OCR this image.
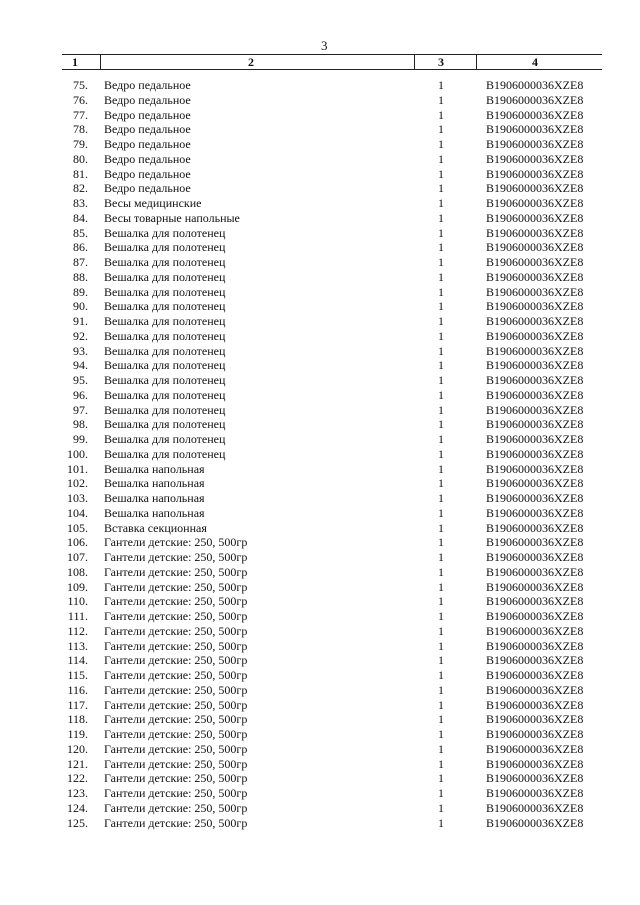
3
1	2	3	4
75. Ведро педальное	1	B1906000036XZE8
76. Ведро педальное	1	B1906000036XZE8
77. Ведро педальное	1	B1906000036XZE8
78. Ведро педальное	1	B1906000036XZE8
79. Ведро педальное	1	B1906000036XZE8
80. Ведро педальное	1	B1906000036XZE8
81. Ведро педальное	1	B1906000036XZE8
82. Ведро педальное	1	B1906000036XZE8
83. Весы медицинские	1	B1906000036XZE8
84. Весы товарные напольные	1	B1906000036XZE8
85. Вешалка для полотенец	1	B1906000036XZE8
86. Вешалка для полотенец	1	B1906000036XZE8
87. Вешалка для полотенец	1	B1906000036XZE8
88. Вешалка для полотенец	1	B1906000036XZE8
89. Вешалка для полотенец	1	B1906000036XZE8
90. Вешалка для полотенец	1	B1906000036XZE8
91. Вешалка для полотенец	1	B1906000036XZE8
92. Вешалка для полотенец	1	B1906000036XZE8
93. Вешалка для полотенец	1	B1906000036XZE8
94. Вешалка для полотенец	1	B1906000036XZE8
95. Вешалка для полотенец	1	B1906000036XZE8
96. Вешалка для полотенец	1	B1906000036XZE8
97. Вешалка для полотенец	1	B1906000036XZE8
98. Вешалка для полотенец	1	B1906000036XZE8
99. Вешалка для полотенец	1	B1906000036XZE8
100. Вешалка для полотенец	1	B1906000036XZE8
101. Вешалка напольная	1	B1906000036XZE8
102. Вешалка напольная	1	B1906000036XZE8
103. Вешалка напольная	1	B1906000036XZE8
104. Вешалка напольная	1	B1906000036XZE8
105. Вставка секционная	1	B1906000036XZE8
106. Гантели детские: 250, 500гр	1	B1906000036XZE8
107. Гантели детские: 250, 500гр	1	B1906000036XZE8
108. Гантели детские: 250, 500гр	1	B1906000036XZE8
109. Гантели детские: 250, 500гр	1	B1906000036XZE8
110. Гантели детские: 250, 500гр	1	B1906000036XZE8
111. Гантели детские: 250, 500гр	1	B1906000036XZE8
112. Гантели детские: 250, 500гр	1	B1906000036XZE8
113. Гантели детские: 250, 500гр	1	B1906000036XZE8
114. Гантели детские: 250, 500гр	1	B1906000036XZE8
115. Гантели детские: 250, 500гр	1	B1906000036XZE8
116. Гантели детские: 250, 500гр	1	B1906000036XZE8
117. Гантели детские: 250, 500гр	1	B1906000036XZE8
118. Гантели детские: 250, 500гр	1	B1906000036XZE8
119. Гантели детские: 250, 500гр	1	B1906000036XZE8
120. Гантели детские: 250, 500гр	1	B1906000036XZE8
121. Гантели детские: 250, 500гр	1	B1906000036XZE8
122. Гантели детские: 250, 500гр	1	B1906000036XZE8
123. Гантели детские: 250, 500гр	1	B1906000036XZE8
124. Гантели детские: 250, 500гр	1	B1906000036XZE8
125. Гантели детские: 250, 500гр	1	B1906000036XZE8
